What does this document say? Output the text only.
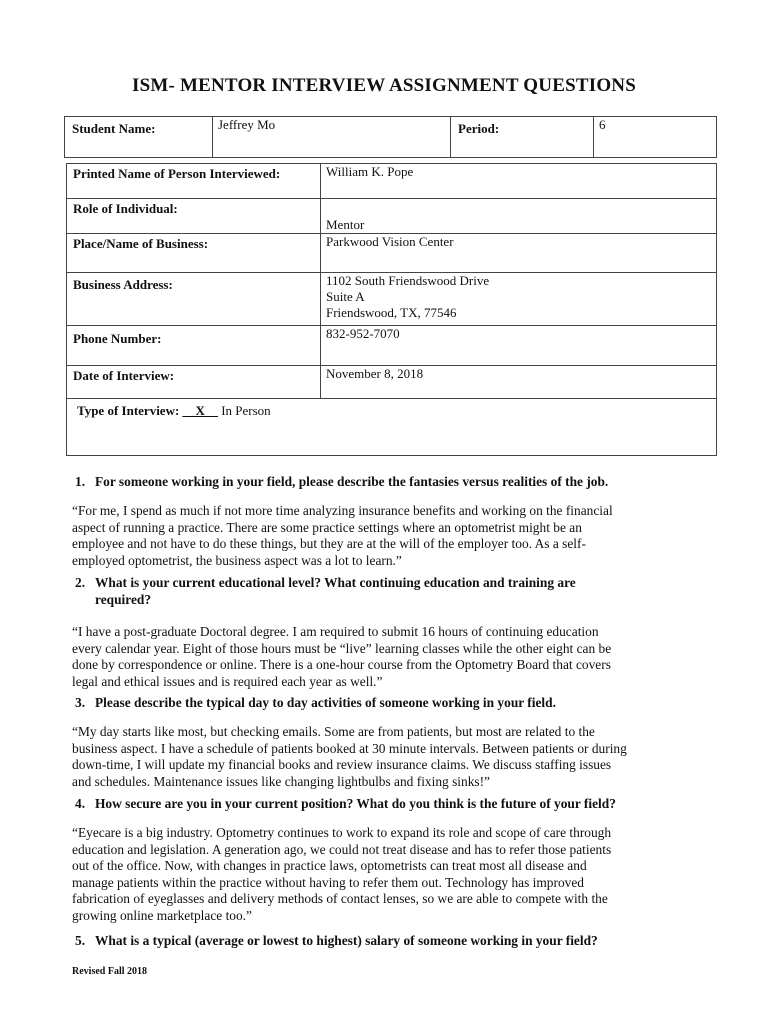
ISM- MENTOR INTERVIEW ASSIGNMENT QUESTIONS
Student Name:	Jeffrey Mo	Period:	6
Printed Name of Person Interviewed:	William K. Pope
Role of Individual:	Mentor
Place/Name of Business:	Parkwood Vision Center
Business Address:	1102 South Friendswood Drive
Suite A
Friendswood, TX, 77546

Phone Number:	832-952-7070
Date of Interview:	November 8, 2018

Type of Interview: __X__ In Person
1. For someone working in your field, please describe the fantasies versus realities of the job.
“For me, I spend as much if not more time analyzing insurance benefits and working on the financial
aspect of running a practice. There are some practice settings where an optometrist might be an
employee and not have to do these things, but they are at the will of the employer too. As a self-
employed optometrist, the business aspect was a lot to learn.”
2. What is your current educational level? What continuing education and training are
required?
“I have a post-graduate Doctoral degree. I am required to submit 16 hours of continuing education
every calendar year. Eight of those hours must be “live” learning classes while the other eight can be
done by correspondence or online. There is a one-hour course from the Optometry Board that covers
legal and ethical issues and is required each year as well.”
3. Please describe the typical day to day activities of someone working in your field.
“My day starts like most, but checking emails. Some are from patients, but most are related to the
business aspect. I have a schedule of patients booked at 30 minute intervals. Between patients or during
down-time, I will update my financial books and review insurance claims. We discuss staffing issues
and schedules. Maintenance issues like changing lightbulbs and fixing sinks!”
4. How secure are you in your current position? What do you think is the future of your field?
“Eyecare is a big industry. Optometry continues to work to expand its role and scope of care through
education and legislation. A generation ago, we could not treat disease and has to refer those patients
out of the office. Now, with changes in practice laws, optometrists can treat most all disease and
manage patients within the practice without having to refer them out. Technology has improved
fabrication of eyeglasses and delivery methods of contact lenses, so we are able to compete with the
growing online marketplace too.”
5. What is a typical (average or lowest to highest) salary of someone working in your field?
Revised Fall 2018
